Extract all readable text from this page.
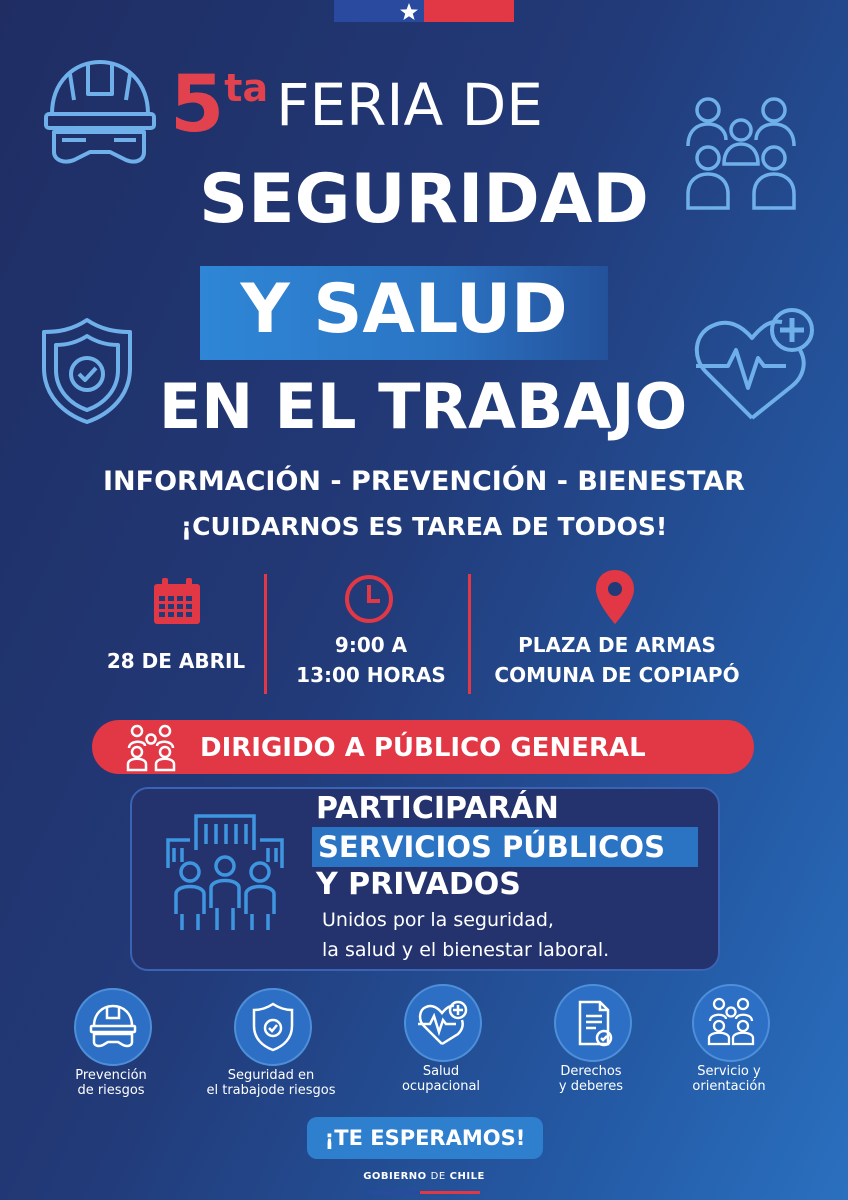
5ta FERIA DE
SEGURIDAD
Y SALUD
EN EL TRABAJO
INFORMACIÓN - PREVENCIÓN - BIENESTAR
¡CUIDARNOS ES TAREA DE TODOS!
28 DE ABRIL
9:00 A
13:00 HORAS
PLAZA DE ARMAS
COMUNA DE COPIAPÓ
DIRIGIDO A PÚBLICO GENERAL
PARTICIPARÁN
SERVICIOS PÚBLICOS
Y PRIVADOS
Unidos por la seguridad,
la salud y el bienestar laboral.
Prevención
de riesgos
Seguridad en
el trabajode riesgos
Salud
ocupacional
Derechos
y deberes
Servicio y
orientación
¡TE ESPERAMOS!
GOBIERNO DE CHILE
